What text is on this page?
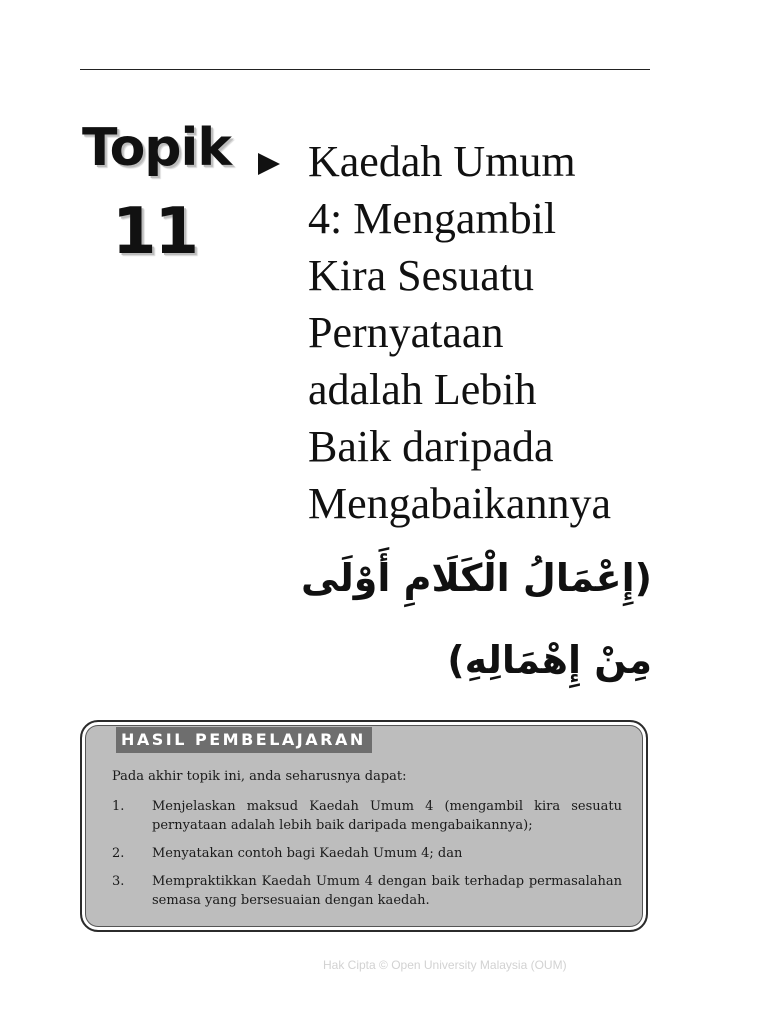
Topik
11
Kaedah Umum
4: Mengambil
Kira Sesuatu
Pernyataan
adalah Lebih
Baik daripada
Mengabaikannya
(إِعْمَالُ الْكَلَامِ أَوْلَى
مِنْ إِهْمَالِهِ)
HASIL PEMBELAJARAN

Pada akhir topik ini, anda seharusnya dapat:

1.	Menjelaskan maksud Kaedah Umum 4 (mengambil kira sesuatu pernyataan adalah lebih baik daripada mengabaikannya);
2.	Menyatakan contoh bagi Kaedah Umum 4; dan
3.	Mempraktikkan Kaedah Umum 4 dengan baik terhadap permasalahan semasa yang bersesuaian dengan kaedah.
Hak Cipta © Open University Malaysia (OUM)
